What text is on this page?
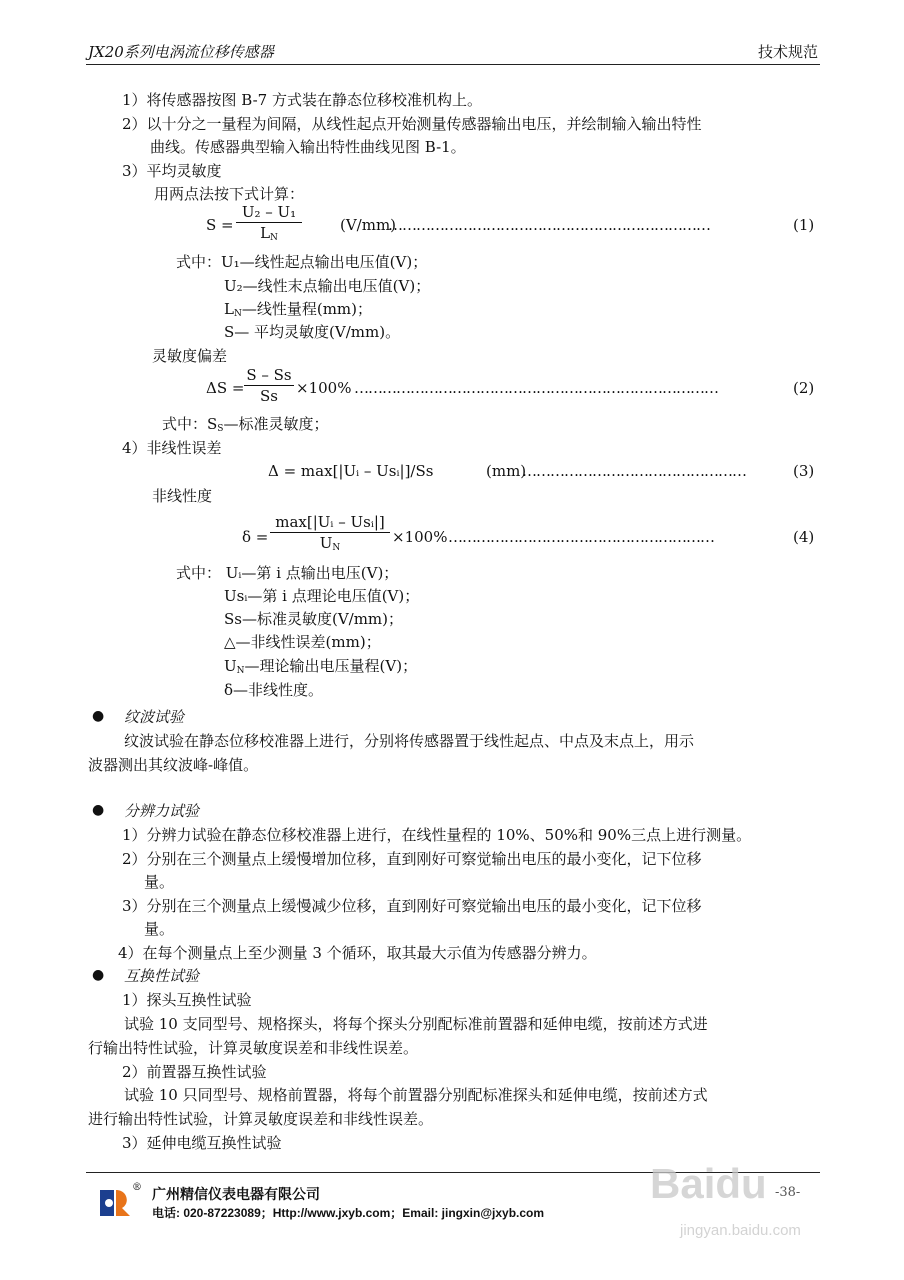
JX20系列电涡流位移传感器	技术规范
1）将传感器按图 B-7 方式装在静态位移校准机构上。
2）以十分之一量程为间隔，从线性起点开始测量传感器输出电压，并绘制输入输出特性
曲线。传感器典型输入输出特性曲线见图 B-1。
3）平均灵敏度
用两点法按下式计算：
S =
U₂ – U₁
$L_N$
(V/mm)
……………………………………………………………	(1)
式中：U₁—线性起点输出电压值(V)；
U₂—线性末点输出电压值(V)；
$L_N—$线性量程(mm)；
S— 平均灵敏度(V/mm)。
灵敏度偏差
ΔS =
S – Ss
Ss	×100% ……………………………………………………………………	(2)
式中：$S_S—$标准灵敏度；
4）非线性误差
Δ = max[|Uᵢ – Usᵢ|]/Ss	(mm)
…………………………………………	(3)
非线性度
δ =
max[|Uᵢ – Usᵢ|]
$U_N$
×100% …………………………………………………	(4)
式中： Uᵢ—第 i 点输出电压(V)；
Usᵢ—第 i 点理论电压值(V)；
Ss—标准灵敏度(V/mm)；
△—非线性误差(mm)；
$U_N—$理论输出电压量程(V)；
δ—非线性度。
● 纹波试验
纹波试验在静态位移校准器上进行，分别将传感器置于线性起点、中点及末点上，用示
波器测出其纹波峰-峰值。
● 分辨力试验
1）分辨力试验在静态位移校准器上进行，在线性量程的 10%、50%和 90%三点上进行测量。
2）分别在三个测量点上缓慢增加位移，直到刚好可察觉输出电压的最小变化，记下位移
量。
3）分别在三个测量点上缓慢减少位移，直到刚好可察觉输出电压的最小变化，记下位移
量。
4）在每个测量点上至少测量 3 个循环，取其最大示值为传感器分辨力。
● 互换性试验
1）探头互换性试验
试验 10 支同型号、规格探头，将每个探头分别配标准前置器和延伸电缆，按前述方式进
行输出特性试验，计算灵敏度误差和非线性误差。
2）前置器互换性试验
试验 10 只同型号、规格前置器，将每个前置器分别配标准探头和延伸电缆，按前述方式
进行输出特性试验，计算灵敏度误差和非线性误差。
3）延伸电缆互换性试验
® 广州精信仪表电器有限公司
电话: 020-87223089；Http://www.jxyb.com；Email: jingxin@jxyb.com
-38-
Baidu
jingyan.baidu.com
